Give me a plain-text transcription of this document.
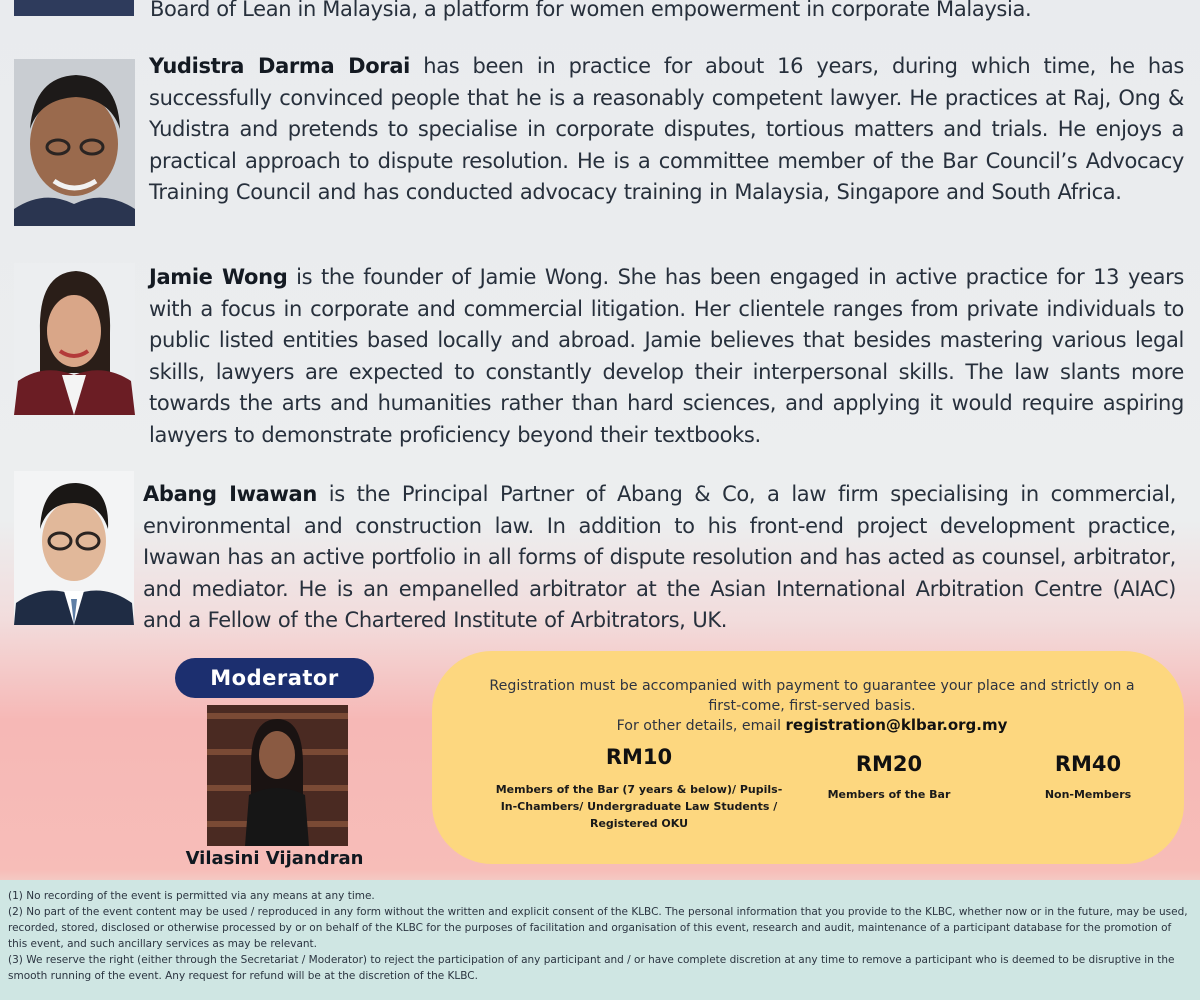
Board of Lean in Malaysia, a platform for women empowerment in corporate Malaysia.
Yudistra Darma Dorai has been in practice for about 16 years, during which time, he has successfully convinced people that he is a reasonably competent lawyer. He practices at Raj, Ong & Yudistra and pretends to specialise in corporate disputes, tortious matters and trials. He enjoys a practical approach to dispute resolution. He is a committee member of the Bar Council’s Advocacy Training Council and has conducted advocacy training in Malaysia, Singapore and South Africa.
Jamie Wong is the founder of Jamie Wong. She has been engaged in active practice for 13 years with a focus in corporate and commercial litigation. Her clientele ranges from private individuals to public listed entities based locally and abroad. Jamie believes that besides mastering various legal skills, lawyers are expected to constantly develop their interpersonal skills. The law slants more towards the arts and humanities rather than hard sciences, and applying it would require aspiring lawyers to demonstrate proficiency beyond their textbooks.
Abang Iwawan is the Principal Partner of Abang & Co, a law firm specialising in commercial, environmental and construction law. In addition to his front-end project development practice, Iwawan has an active portfolio in all forms of dispute resolution and has acted as counsel, arbitrator, and mediator. He is an empanelled arbitrator at the Asian International Arbitration Centre (AIAC) and a Fellow of the Chartered Institute of Arbitrators, UK.
Moderator
Vilasini Vijandran
Registration must be accompanied with payment to guarantee your place and strictly on a first-come, first-served basis.
For other details, email registration@klbar.org.my
RM10
Members of the Bar (7 years & below)/ Pupils-In-Chambers/ Undergraduate Law Students / Registered OKU
RM20
Members of the Bar
RM40
Non-Members

(1) No recording of the event is permitted via any means at any time.

(2) No part of the event content may be used / reproduced in any form without the written and explicit consent of the KLBC. The personal information that you provide to the KLBC, whether now or in the future, may be used, recorded, stored, disclosed or otherwise processed by or on behalf of the KLBC for the purposes of facilitation and organisation of this event, research and audit, maintenance of a participant database for the promotion of this event, and such ancillary services as may be relevant.

(3) We reserve the right (either through the Secretariat / Moderator) to reject the participation of any participant and / or have complete discretion at any time to remove a participant who is deemed to be disruptive in the smooth running of the event. Any request for refund will be at the discretion of the KLBC.
